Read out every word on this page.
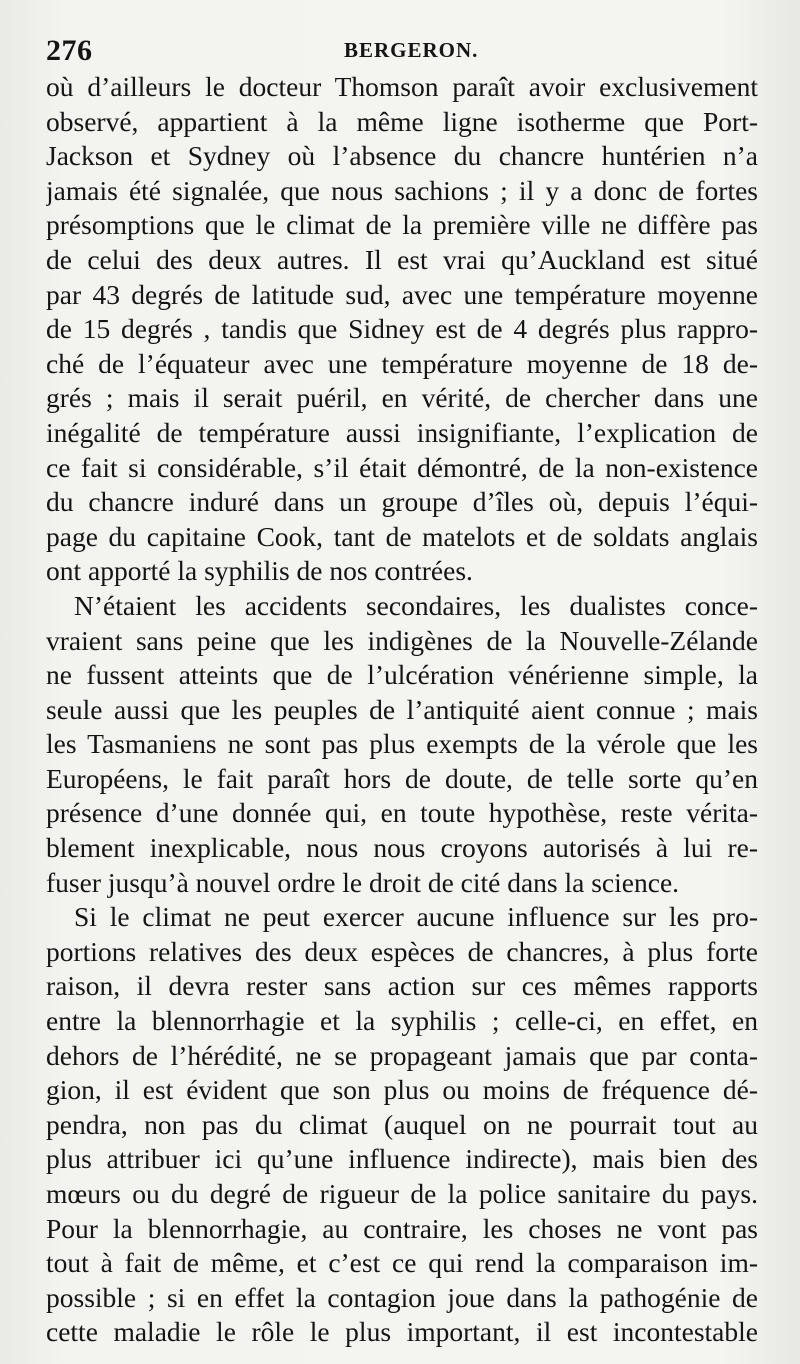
276	BERGERON.
où d’ailleurs le docteur Thomson paraît avoir exclusivement
observé, appartient à la même ligne isotherme que Port-
Jackson et Sydney où l’absence du chancre huntérien n’a
jamais été signalée, que nous sachions ; il y a donc de fortes
présomptions que le climat de la première ville ne diffère pas
de celui des deux autres. Il est vrai qu’Auckland est situé
par 43 degrés de latitude sud, avec une température moyenne
de 15 degrés , tandis que Sidney est de 4 degrés plus rappro-
ché de l’équateur avec une température moyenne de 18 de-
grés ; mais il serait puéril, en vérité, de chercher dans une
inégalité de température aussi insignifiante, l’explication de
ce fait si considérable, s’il était démontré, de la non-existence
du chancre induré dans un groupe d’îles où, depuis l’équi-
page du capitaine Cook, tant de matelots et de soldats anglais
ont apporté la syphilis de nos contrées.
N’étaient les accidents secondaires, les dualistes conce-
vraient sans peine que les indigènes de la Nouvelle-Zélande
ne fussent atteints que de l’ulcération vénérienne simple, la
seule aussi que les peuples de l’antiquité aient connue ; mais
les Tasmaniens ne sont pas plus exempts de la vérole que les
Européens, le fait paraît hors de doute, de telle sorte qu’en
présence d’une donnée qui, en toute hypothèse, reste vérita-
blement inexplicable, nous nous croyons autorisés à lui re-
fuser jusqu’à nouvel ordre le droit de cité dans la science.
Si le climat ne peut exercer aucune influence sur les pro-
portions relatives des deux espèces de chancres, à plus forte
raison, il devra rester sans action sur ces mêmes rapports
entre la blennorrhagie et la syphilis ; celle-ci, en effet, en
dehors de l’hérédité, ne se propageant jamais que par conta-
gion, il est évident que son plus ou moins de fréquence dé-
pendra, non pas du climat (auquel on ne pourrait tout au
plus attribuer ici qu’une influence indirecte), mais bien des
mœurs ou du degré de rigueur de la police sanitaire du pays.
Pour la blennorrhagie, au contraire, les choses ne vont pas
tout à fait de même, et c’est ce qui rend la comparaison im-
possible ; si en effet la contagion joue dans la pathogénie de
cette maladie le rôle le plus important, il est incontestable
